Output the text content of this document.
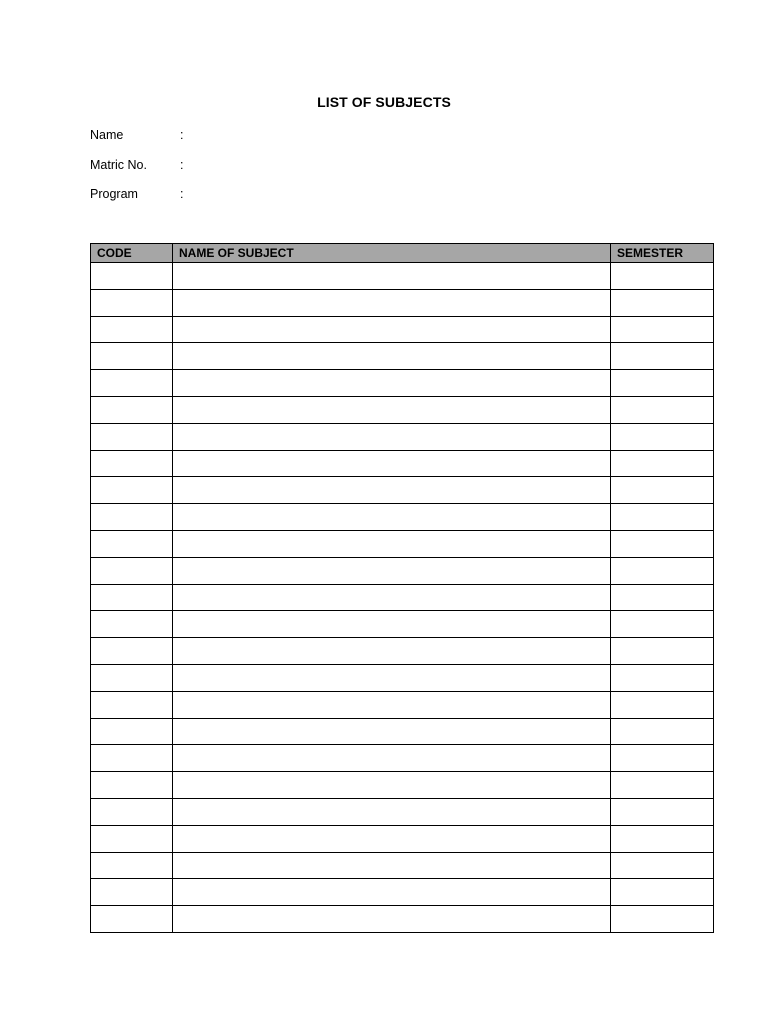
LIST OF SUBJECTS
Name	:
Matric No.	:
Program	:
CODE	NAME OF SUBJECT	SEMESTER
